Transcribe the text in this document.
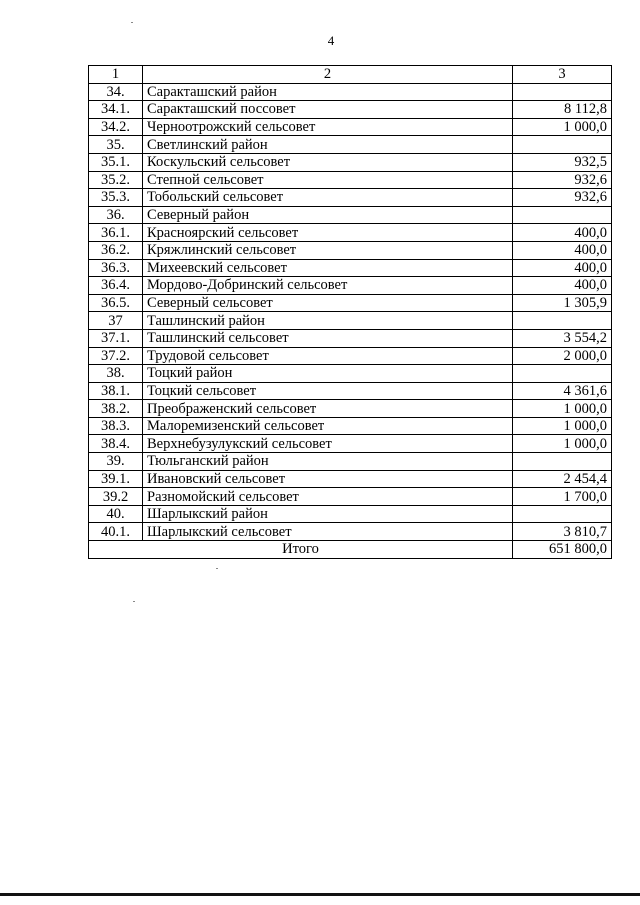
4
1	2	3
34.	Саракташский район	
34.1.	Саракташский поссовет	8 112,8
34.2.	Черноотрожский сельсовет	1 000,0
35.	Светлинский район	
35.1.	Коскульский сельсовет	932,5
35.2.	Степной сельсовет	932,6
35.3.	Тобольский сельсовет	932,6
36.	Северный район	
36.1.	Красноярский сельсовет	400,0
36.2.	Кряжлинский сельсовет	400,0
36.3.	Михеевский сельсовет	400,0
36.4.	Мордово-Добринский сельсовет	400,0
36.5.	Северный сельсовет	1 305,9
37	Ташлинский район	
37.1.	Ташлинский сельсовет	3 554,2
37.2.	Трудовой сельсовет	2 000,0
38.	Тоцкий район	
38.1.	Тоцкий сельсовет	4 361,6
38.2.	Преображенский сельсовет	1 000,0
38.3.	Малоремизенский сельсовет	1 000,0
38.4.	Верхнебузулукский сельсовет	1 000,0
39.	Тюльганский район	
39.1.	Ивановский сельсовет	2 454,4
39.2	Разномойский сельсовет	1 700,0
40.	Шарлыкский район	
40.1.	Шарлыкский сельсовет	3 810,7
Итого		651 800,0
